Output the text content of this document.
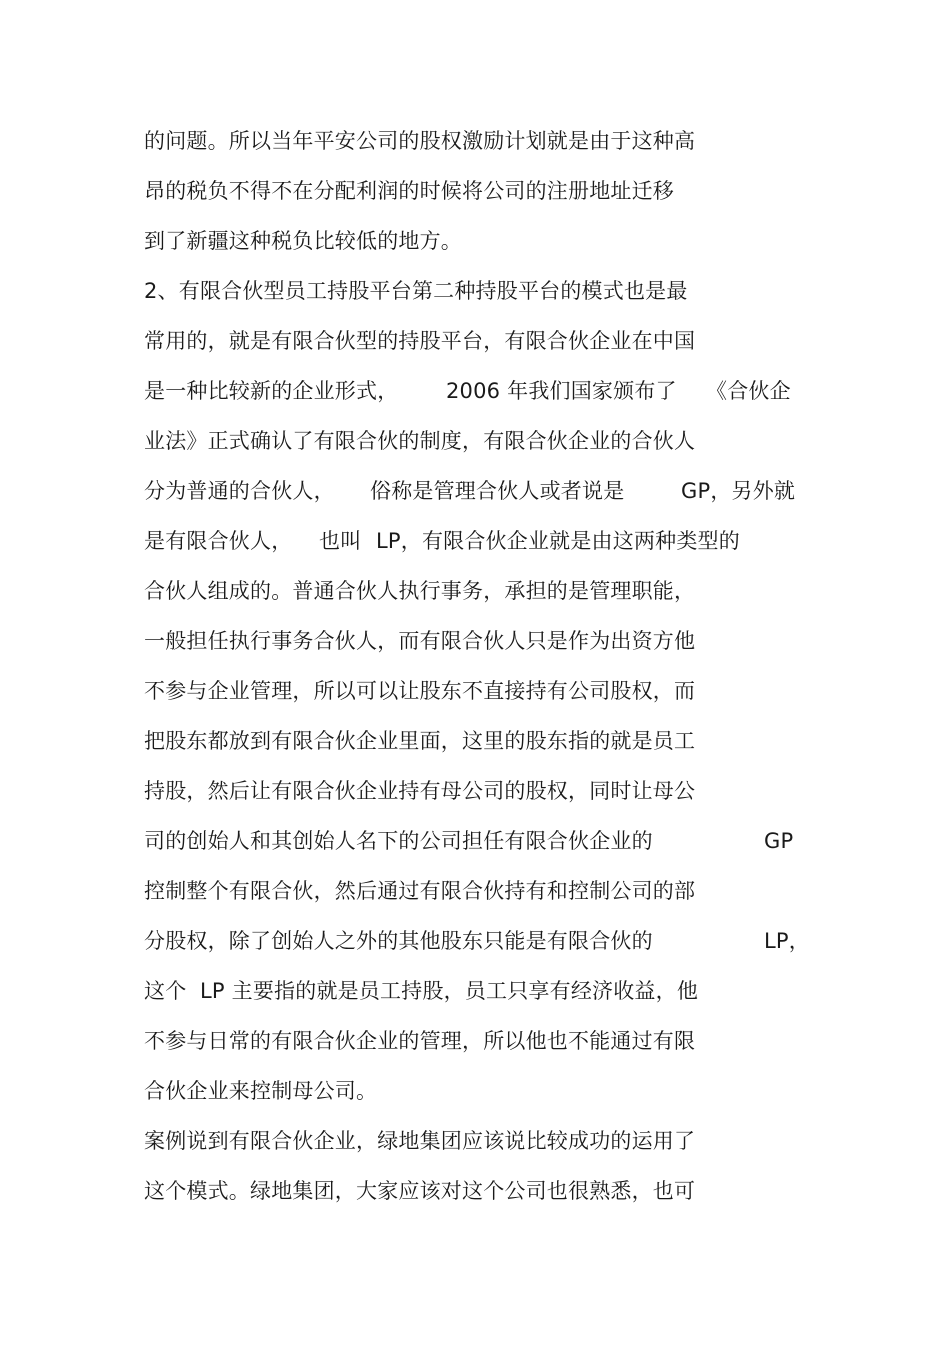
的问题。所以当年平安公司的股权激励计划就是由于这种高
昂的税负不得不在分配利润的时候将公司的注册地址迁移
到了新疆这种税负比较低的地方。
2、有限合伙型员工持股平台第二种持股平台的模式也是最
常用的，就是有限合伙型的持股平台，有限合伙企业在中国
是一种比较新的企业形式， 2006 年我们国家颁布了 《合伙企
业法》正式确认了有限合伙的制度，有限合伙企业的合伙人
分为普通的合伙人， 俗称是管理合伙人或者说是	GP，另外就
是有限合伙人， 也叫 LP，有限合伙企业就是由这两种类型的
合伙人组成的。普通合伙人执行事务，承担的是管理职能，
一般担任执行事务合伙人，而有限合伙人只是作为出资方他
不参与企业管理，所以可以让股东不直接持有公司股权，而
把股东都放到有限合伙企业里面，这里的股东指的就是员工
持股，然后让有限合伙企业持有母公司的股权，同时让母公
司的创始人和其创始人名下的公司担任有限合伙企业的	GP
控制整个有限合伙，然后通过有限合伙持有和控制公司的部
分股权，除了创始人之外的其他股东只能是有限合伙的	LP，
这个 LP 主要指的就是员工持股，员工只享有经济收益，他
不参与日常的有限合伙企业的管理，所以他也不能通过有限
合伙企业来控制母公司。
案例说到有限合伙企业，绿地集团应该说比较成功的运用了
这个模式。绿地集团，大家应该对这个公司也很熟悉，也可
